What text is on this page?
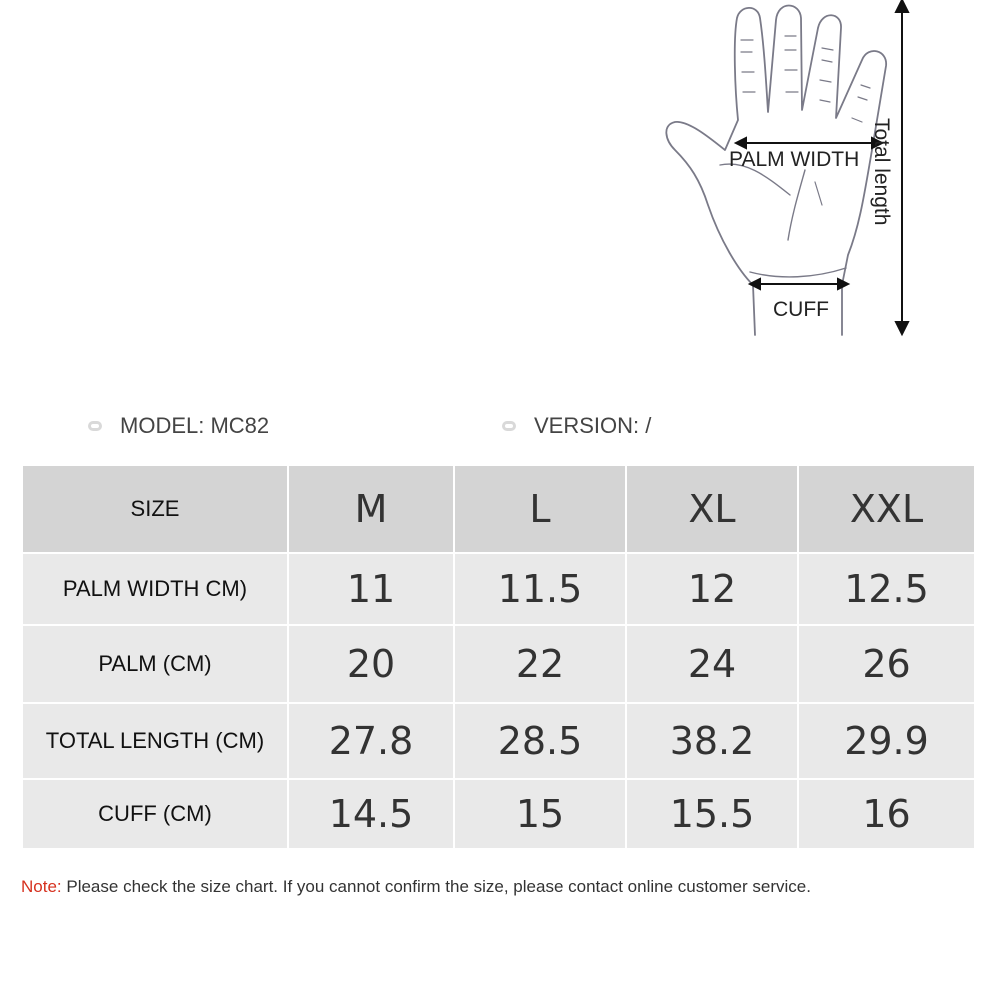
PALM WIDTH
CUFF
Total length
MODEL: MC82	VERSION: /
SIZE	M	L	XL	XXL
PALM WIDTH CM)	11	11.5	12	12.5
PALM (CM)	20	22	24	26
TOTAL LENGTH (CM)	27.8	28.5	38.2	29.9
CUFF (CM)	14.5	15	15.5	16
Note: Please check the size chart. If you cannot confirm the size, please contact online customer service.
